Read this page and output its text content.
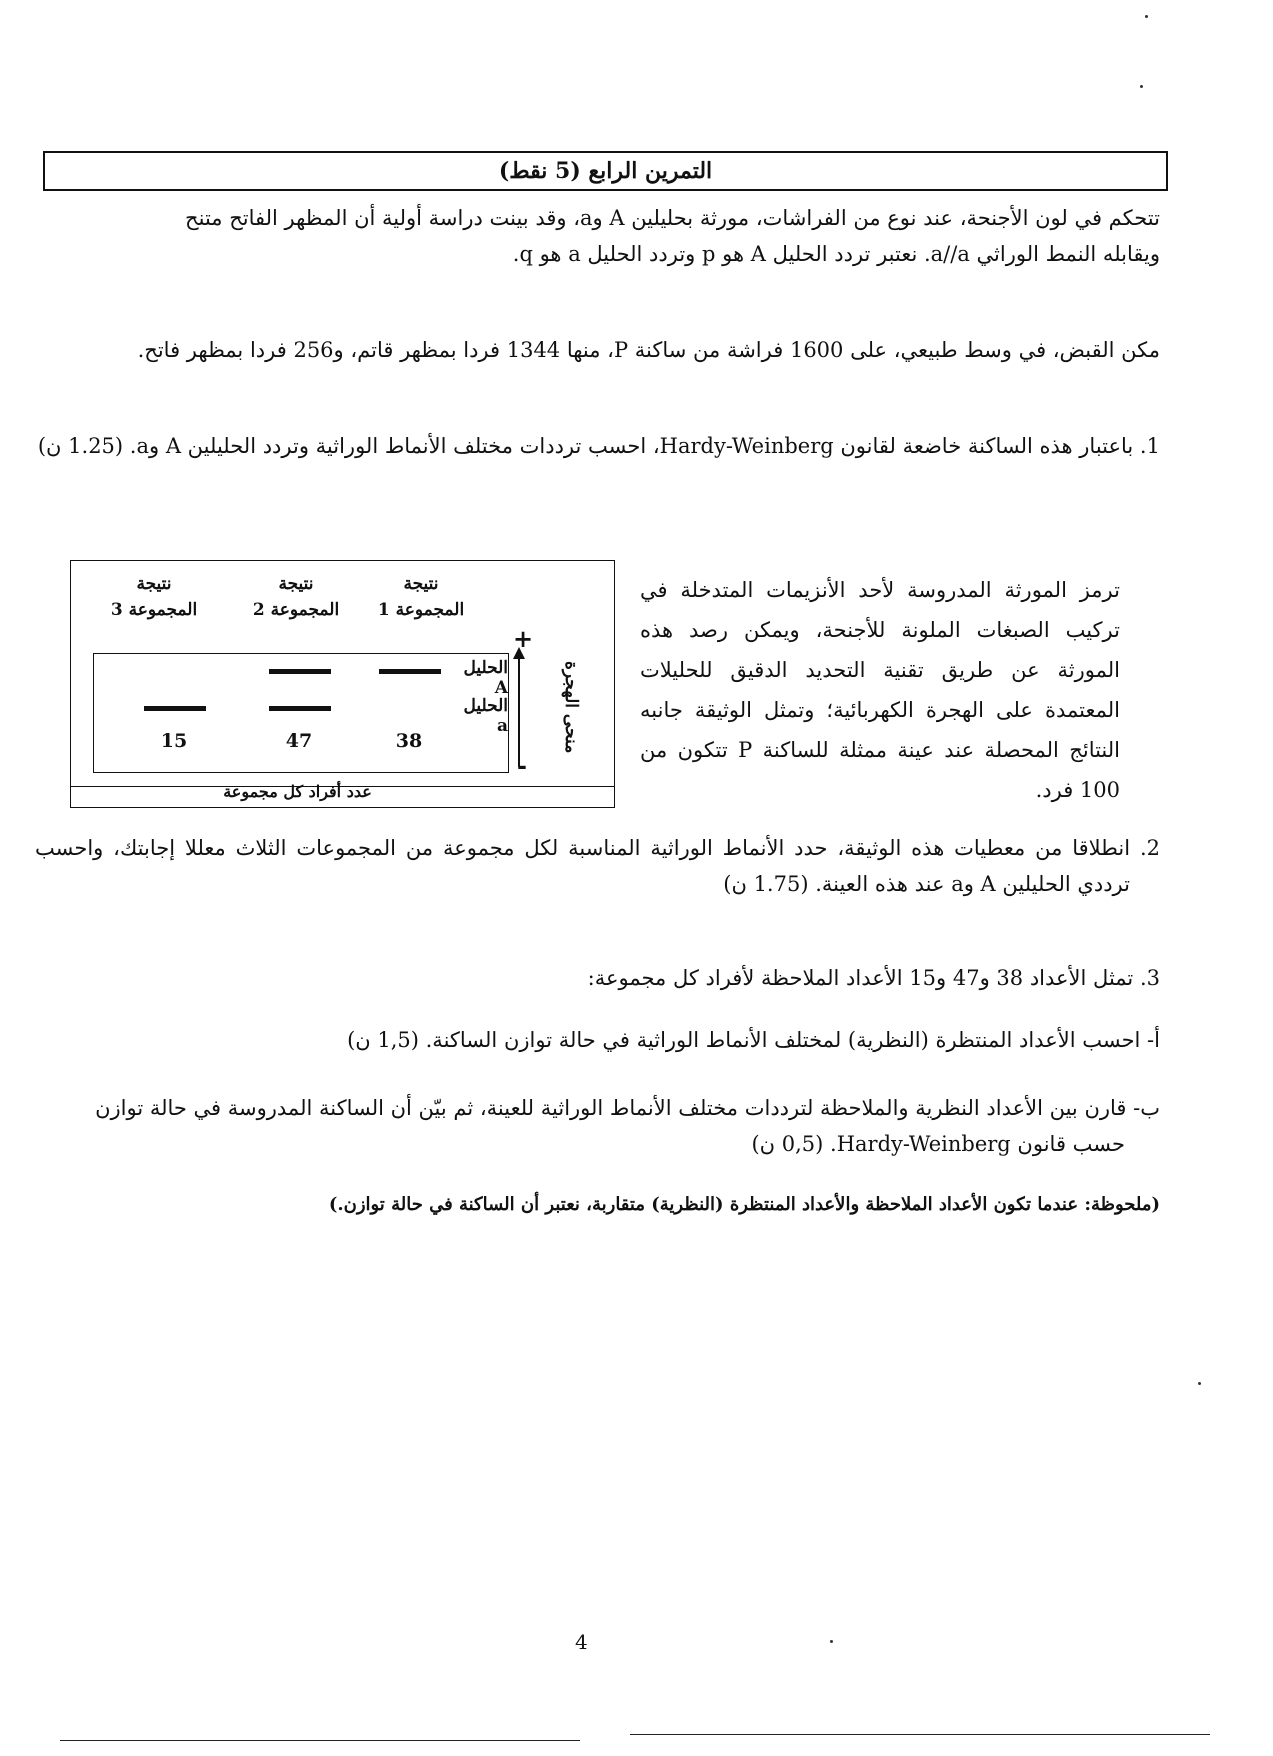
التمرين الرابع (5 نقط)
تتحكم في لون الأجنحة، عند نوع من الفراشات، مورثة بحليلين A وa، وقد بينت دراسة أولية أن المظهر الفاتح متنح
ويقابله النمط الوراثي a//a. نعتبر تردد الحليل A هو p وتردد الحليل a هو q.
مكن القبض، في وسط طبيعي، على 1600 فراشة من ساكنة P، منها 1344 فردا بمظهر قاتم، و256 فردا بمظهر فاتح.
1. باعتبار هذه الساكنة خاضعة لقانون Hardy-Weinberg، احسب ترددات مختلف الأنماط الوراثية وتردد الحليلين A وa. (1.25 ن)
ترمز المورثة المدروسة لأحد الأنزيمات المتدخلة في تركيب الصبغات الملونة للأجنحة، ويمكن رصد هذه المورثة عن طريق تقنية التحديد الدقيق للحليلات المعتمدة على الهجرة الكهربائية؛ وتمثل الوثيقة جانبه النتائج المحصلة عند عينة ممثلة للساكنة P تتكون من 100 فرد.
نتيجة
المجموعة 1
نتيجة
المجموعة 2
نتيجة
المجموعة 3
الحليل A
الحليل a
38
47
15
+
-
منحى الهجرة
عدد أفراد كل مجموعة
2. انطلاقا من معطيات هذه الوثيقة، حدد الأنماط الوراثية المناسبة لكل مجموعة من المجموعات الثلاث معللا إجابتك، واحسب ترددي الحليلين A وa عند هذه العينة. (1.75 ن)
3. تمثل الأعداد 38 و47 و15 الأعداد الملاحظة لأفراد كل مجموعة:
أ- احسب الأعداد المنتظرة (النظرية) لمختلف الأنماط الوراثية في حالة توازن الساكنة. (1,5 ن)
ب- قارن بين الأعداد النظرية والملاحظة لترددات مختلف الأنماط الوراثية للعينة، ثم بيّن أن الساكنة المدروسة في حالة توازن حسب قانون Hardy-Weinberg. (0,5 ن)
(ملحوظة: عندما تكون الأعداد الملاحظة والأعداد المنتظرة (النظرية) متقاربة، نعتبر أن الساكنة في حالة توازن.)
4
